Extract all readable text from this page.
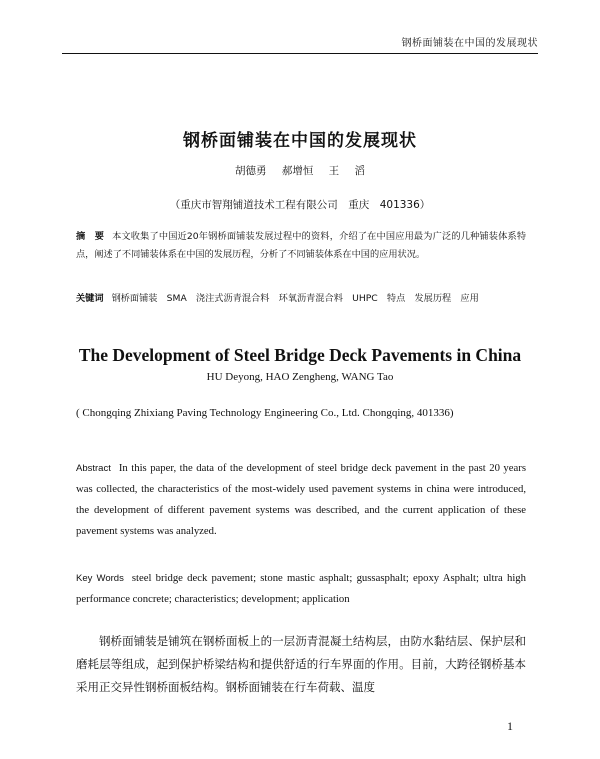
钢桥面铺装在中国的发展现状
钢桥面铺装在中国的发展现状
胡德勇 郝增恒 王 滔
（重庆市智翔铺道技术工程有限公司　重庆　401336）
摘　要 本文收集了中国近20年钢桥面铺装发展过程中的资料，介绍了在中国应用最为广泛的几种铺装体系特点，阐述了不同铺装体系在中国的发展历程，分析了不同铺装体系在中国的应用状况。
关键词 钢桥面铺装　SMA　浇注式沥青混合料　环氧沥青混合料　UHPC　特点　发展历程　应用
The Development of Steel Bridge Deck Pavements in China
HU Deyong, HAO Zengheng, WANG Tao
( Chongqing Zhixiang Paving Technology Engineering Co., Ltd. Chongqing, 401336)
Abstract In this paper, the data of the development of steel bridge deck pavement in the past 20 years was collected, the characteristics of the most-widely used pavement systems in china were introduced, the development of different pavement systems was described, and the current application of these pavement systems was analyzed.
Key Words steel bridge deck pavement; stone mastic asphalt; gussasphalt; epoxy Asphalt; ultra high performance concrete; characteristics; development; application
钢桥面铺装是铺筑在钢桥面板上的一层沥青混凝土结构层，由防水黏结层、保护层和磨耗层等组成，起到保护桥梁结构和提供舒适的行车界面的作用。目前，大跨径钢桥基本采用正交异性钢桥面板结构。钢桥面铺装在行车荷载、温度
1
